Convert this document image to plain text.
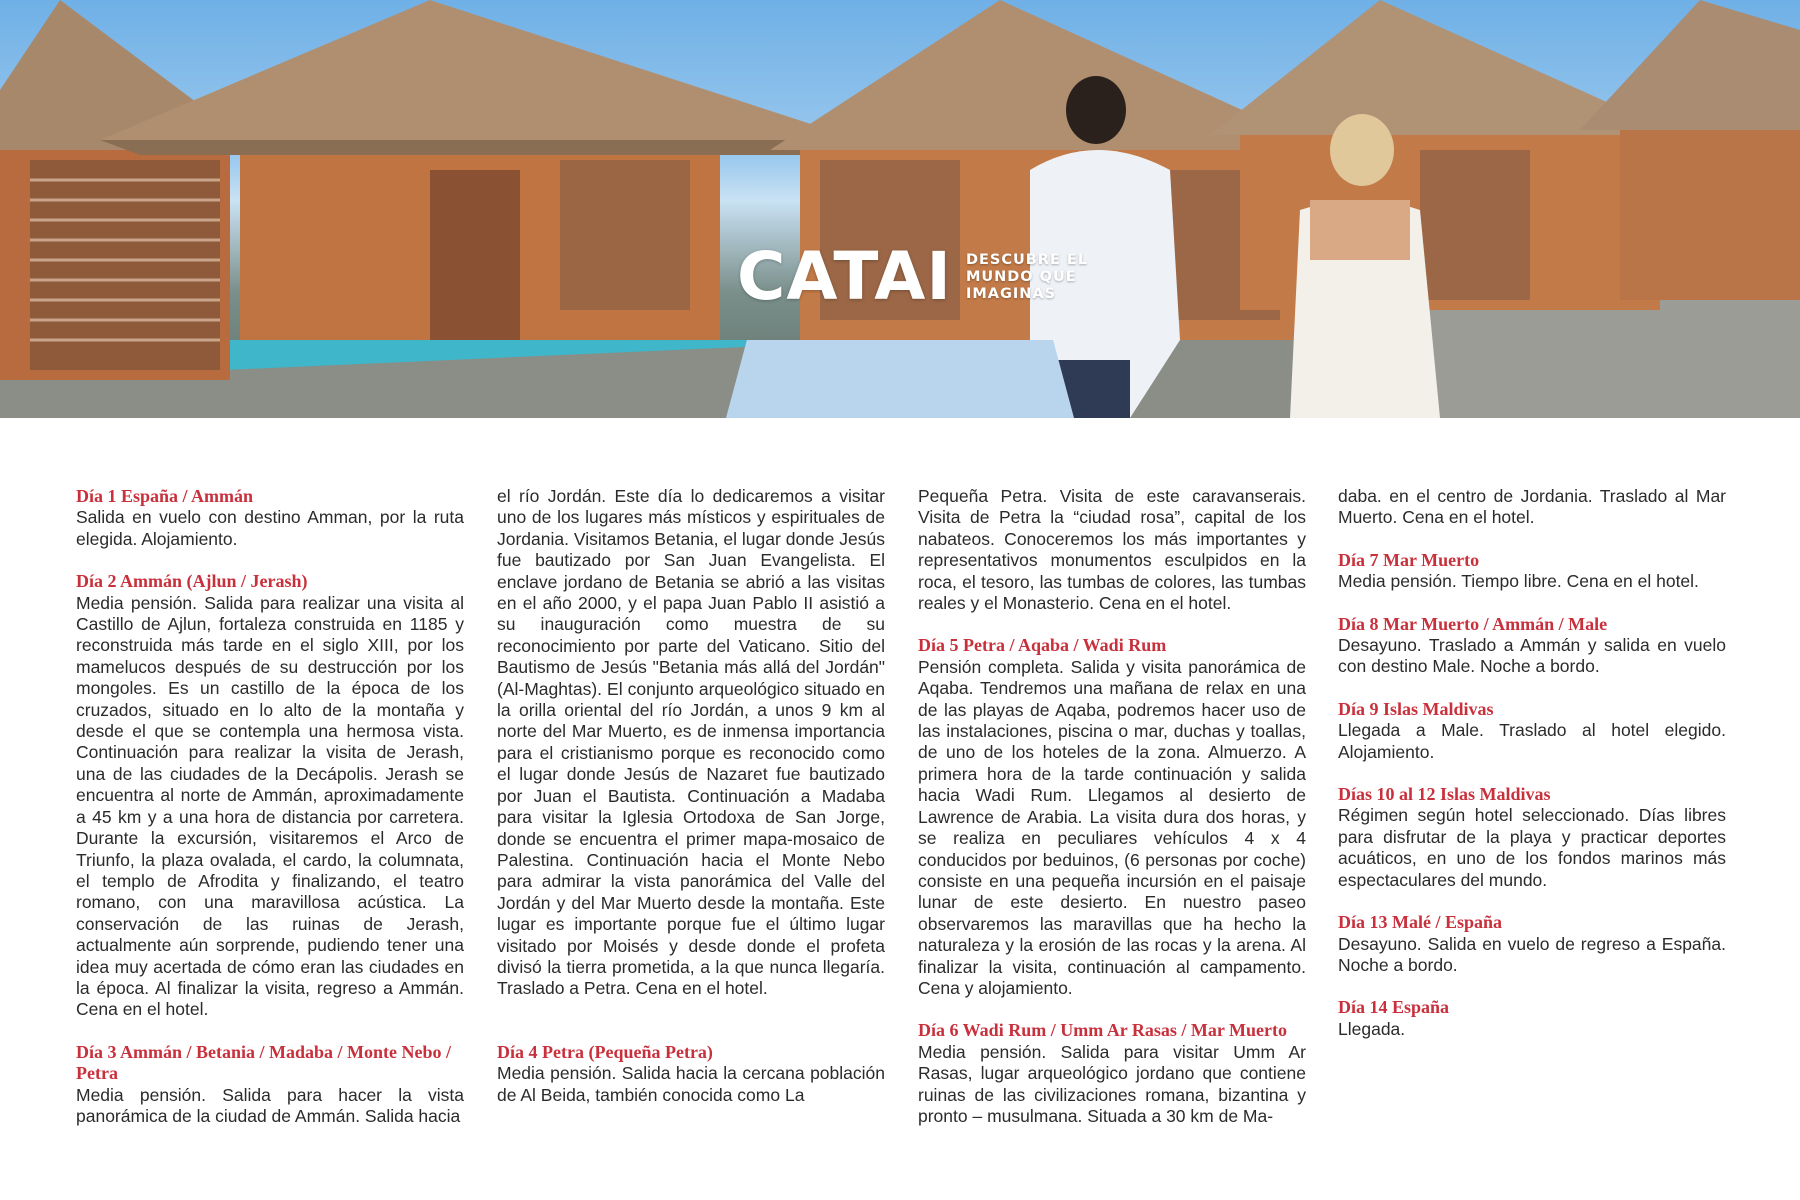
CATAI DESCUBRE EL
MUNDO QUE
IMAGINAS

Día 1 España / Ammán
Salida en vuelo con destino Amman, por la ruta elegida. Alojamiento.

Día 2 Ammán (Ajlun / Jerash)
Media pensión. Salida para realizar una visita al Castillo de Ajlun, fortaleza construida en 1185 y reconstruida más tarde en el siglo XIII, por los mamelucos después de su destrucción por los mongoles. Es un castillo de la época de los cruzados, situado en lo alto de la montaña y desde el que se contempla una hermosa vista. Continuación para realizar la visita de Jerash, una de las ciudades de la Decápolis. Jerash se encuentra al norte de Ammán, aproximadamente a 45 km y a una hora de distancia por carretera. Durante la excursión, visitaremos el Arco de Triunfo, la plaza ovalada, el cardo, la columnata, el templo de Afrodita y finalizando, el teatro romano, con una maravillosa acústica. La conservación de las ruinas de Jerash, actualmente aún sorprende, pudiendo tener una idea muy acertada de cómo eran las ciudades en la época. Al finalizar la visita, regreso a Ammán. Cena en el hotel.

Día 3 Ammán / Betania / Madaba / Monte Nebo / Petra
Media pensión. Salida para hacer la vista panorámica de la ciudad de Ammán. Salida hacia

el río Jordán. Este día lo dedicaremos a visitar uno de los lugares más místicos y espirituales de Jordania. Visitamos Betania, el lugar donde Jesús fue bautizado por San Juan Evangelista. El enclave jordano de Betania se abrió a las visitas en el año 2000, y el papa Juan Pablo II asistió a su inauguración como muestra de su reconocimiento por parte del Vaticano. Sitio del Bautismo de Jesús "Betania más allá del Jordán" (Al-Maghtas). El conjunto arqueológico situado en la orilla oriental del río Jordán, a unos 9 km al norte del Mar Muerto, es de inmensa importancia para el cristianismo porque es reconocido como el lugar donde Jesús de Nazaret fue bautizado por Juan el Bautista. Continuación a Madaba para visitar la Iglesia Ortodoxa de San Jorge, donde se encuentra el primer mapa-mosaico de Palestina. Continuación hacia el Monte Nebo para admirar la vista panorámica del Valle del Jordán y del Mar Muerto desde la montaña. Este lugar es importante porque fue el último lugar visitado por Moisés y desde donde el profeta divisó la tierra prometida, a la que nunca llegaría. Traslado a Petra. Cena en el hotel.

Día 4 Petra (Pequeña Petra)
Media pensión. Salida hacia la cercana población de Al Beida, también conocida como La

Pequeña Petra. Visita de este caravanserais. Visita de Petra la “ciudad rosa”, capital de los nabateos. Conoceremos los más importantes y representativos monumentos esculpidos en la roca, el tesoro, las tumbas de colores, las tumbas reales y el Monasterio. Cena en el hotel.

Día 5 Petra / Aqaba / Wadi Rum
Pensión completa. Salida y visita panorámica de Aqaba. Tendremos una mañana de relax en una de las playas de Aqaba, podremos hacer uso de las instalaciones, piscina o mar, duchas y toallas, de uno de los hoteles de la zona. Almuerzo. A primera hora de la tarde continuación y salida hacia Wadi Rum. Llegamos al desierto de Lawrence de Arabia. La visita dura dos horas, y se realiza en peculiares vehículos 4 x 4 conducidos por beduinos, (6 personas por coche) consiste en una pequeña incursión en el paisaje lunar de este desierto. En nuestro paseo observaremos las maravillas que ha hecho la naturaleza y la erosión de las rocas y la arena. Al finalizar la visita, continuación al campamento. Cena y alojamiento.

Día 6 Wadi Rum / Umm Ar Rasas / Mar Muerto
Media pensión. Salida para visitar Umm Ar Rasas, lugar arqueológico jordano que contiene ruinas de las civilizaciones romana, bizantina y pronto – musulmana. Situada a 30 km de Ma-

daba. en el centro de Jordania. Traslado al Mar Muerto. Cena en el hotel.

Día 7 Mar Muerto
Media pensión. Tiempo libre. Cena en el hotel.

Día 8 Mar Muerto / Ammán / Male
Desayuno. Traslado a Ammán y salida en vuelo con destino Male. Noche a bordo.

Día 9 Islas Maldivas
Llegada a Male. Traslado al hotel elegido. Alojamiento.

Días 10 al 12 Islas Maldivas
Régimen según hotel seleccionado. Días libres para disfrutar de la playa y practicar deportes acuáticos, en uno de los fondos marinos más espectaculares del mundo.

Día 13 Malé / España
Desayuno. Salida en vuelo de regreso a España. Noche a bordo.

Día 14 España
Llegada.
